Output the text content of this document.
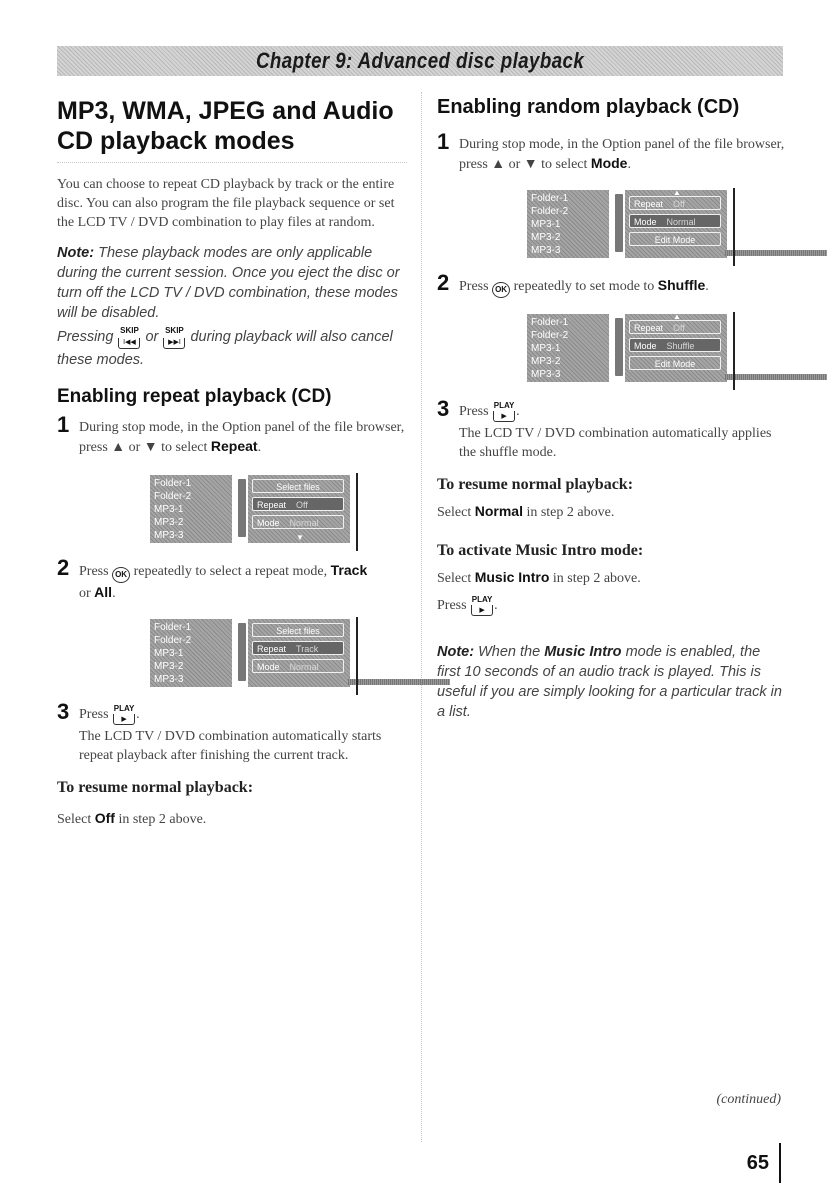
Chapter 9: Advanced disc playback
MP3, WMA, JPEG and Audio CD playback modes

You can choose to repeat CD playback by track or the entire disc. You can also program the file playback sequence or set the LCD TV / DVD combination to play files at random.

Note: These playback modes are only applicable during the current session. Once you eject the disc or turn off the LCD TV / DVD combination, these modes will be disabled.

Pressing SKIP
I◀◀ or SKIP
▶▶I during playback will also cancel these modes.

Enabling repeat playback (CD)
1 During stop mode, in the Option panel of the file browser, press ▲ or ▼ to select Repeat.
Folder-1
Folder-2
MP3-1
MP3-2
MP3-3
Select files
Repeat Off
Mode Normal
▼
2 Press OK repeatedly to select a repeat mode, Track
or All.
Folder-1
Folder-2
MP3-1
MP3-2
MP3-3
Select files
Repeat Track
Mode Normal
3 Press PLAY
▶ .
The LCD TV / DVD combination automatically starts repeat playback after finishing the current track.

To resume normal playback:

Select Off in step 2 above.

Enabling random playback (CD)
1 During stop mode, in the Option panel of the file browser, press ▲ or ▼ to select Mode.
Folder-1
Folder-2
MP3-1
MP3-2
MP3-3
▲
Repeat Off
Mode Normal
Edit Mode
2 Press OK repeatedly to set mode to Shuffle.
Folder-1
Folder-2
MP3-1
MP3-2
MP3-3
▲
Repeat Off
Mode Shuffle
Edit Mode
3 Press PLAY
▶ .
The LCD TV / DVD combination automatically applies the shuffle mode.

To resume normal playback:

Select Normal in step 2 above.

To activate Music Intro mode:

Select Music Intro in step 2 above.

Press PLAY
▶ .

Note: When the Music Intro mode is enabled, the first 10 seconds of an audio track is played. This is useful if you are simply looking for a particular track in a list.

(continued)
65
